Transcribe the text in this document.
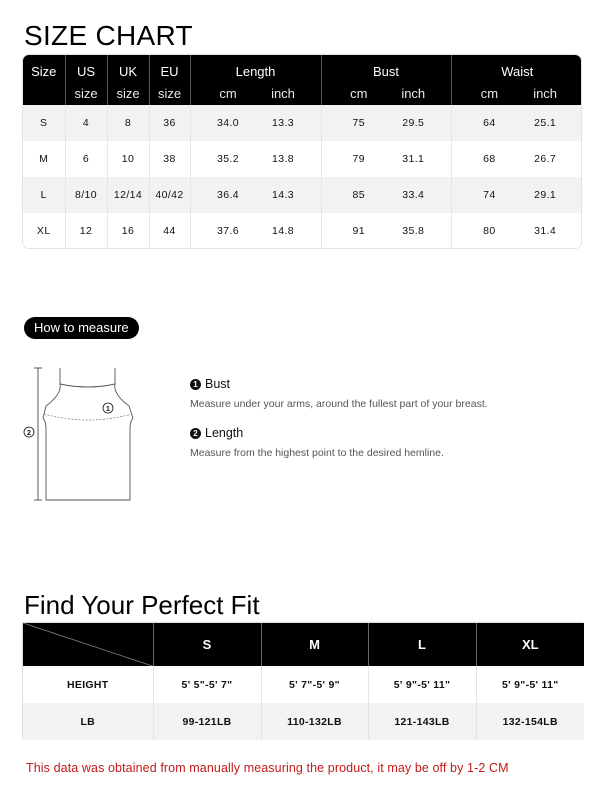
SIZE CHART
Size	US	UK	EU	Length	Bust	Waist
	size	size	size	cm inch	cm inch	cm inch

S	4	8	36	34.0 13.3	75 29.5	64 25.1

M	6	10	38	35.2 13.8	79 31.1	68 26.7

L	8/10	12/14	40/42	36.4 14.3	85 33.4	74 29.1

XL	12	16	44	37.6 14.8	91 35.8	80 31.4
How to measure
1
2
1 Bust
Measure under your arms, around the fullest part of your breast.
2 Length
Measure from the highest point to the desired hemline.
Find Your Perfect Fit
	S	M	L	XL
HEIGHT	5' 5"-5' 7"	5' 7"-5' 9"	5' 9"-5' 11"	5' 9"-5' 11"
LB	99-121LB	110-132LB	121-143LB	132-154LB
This data was obtained from manually measuring the product, it may be off by 1-2 CM
